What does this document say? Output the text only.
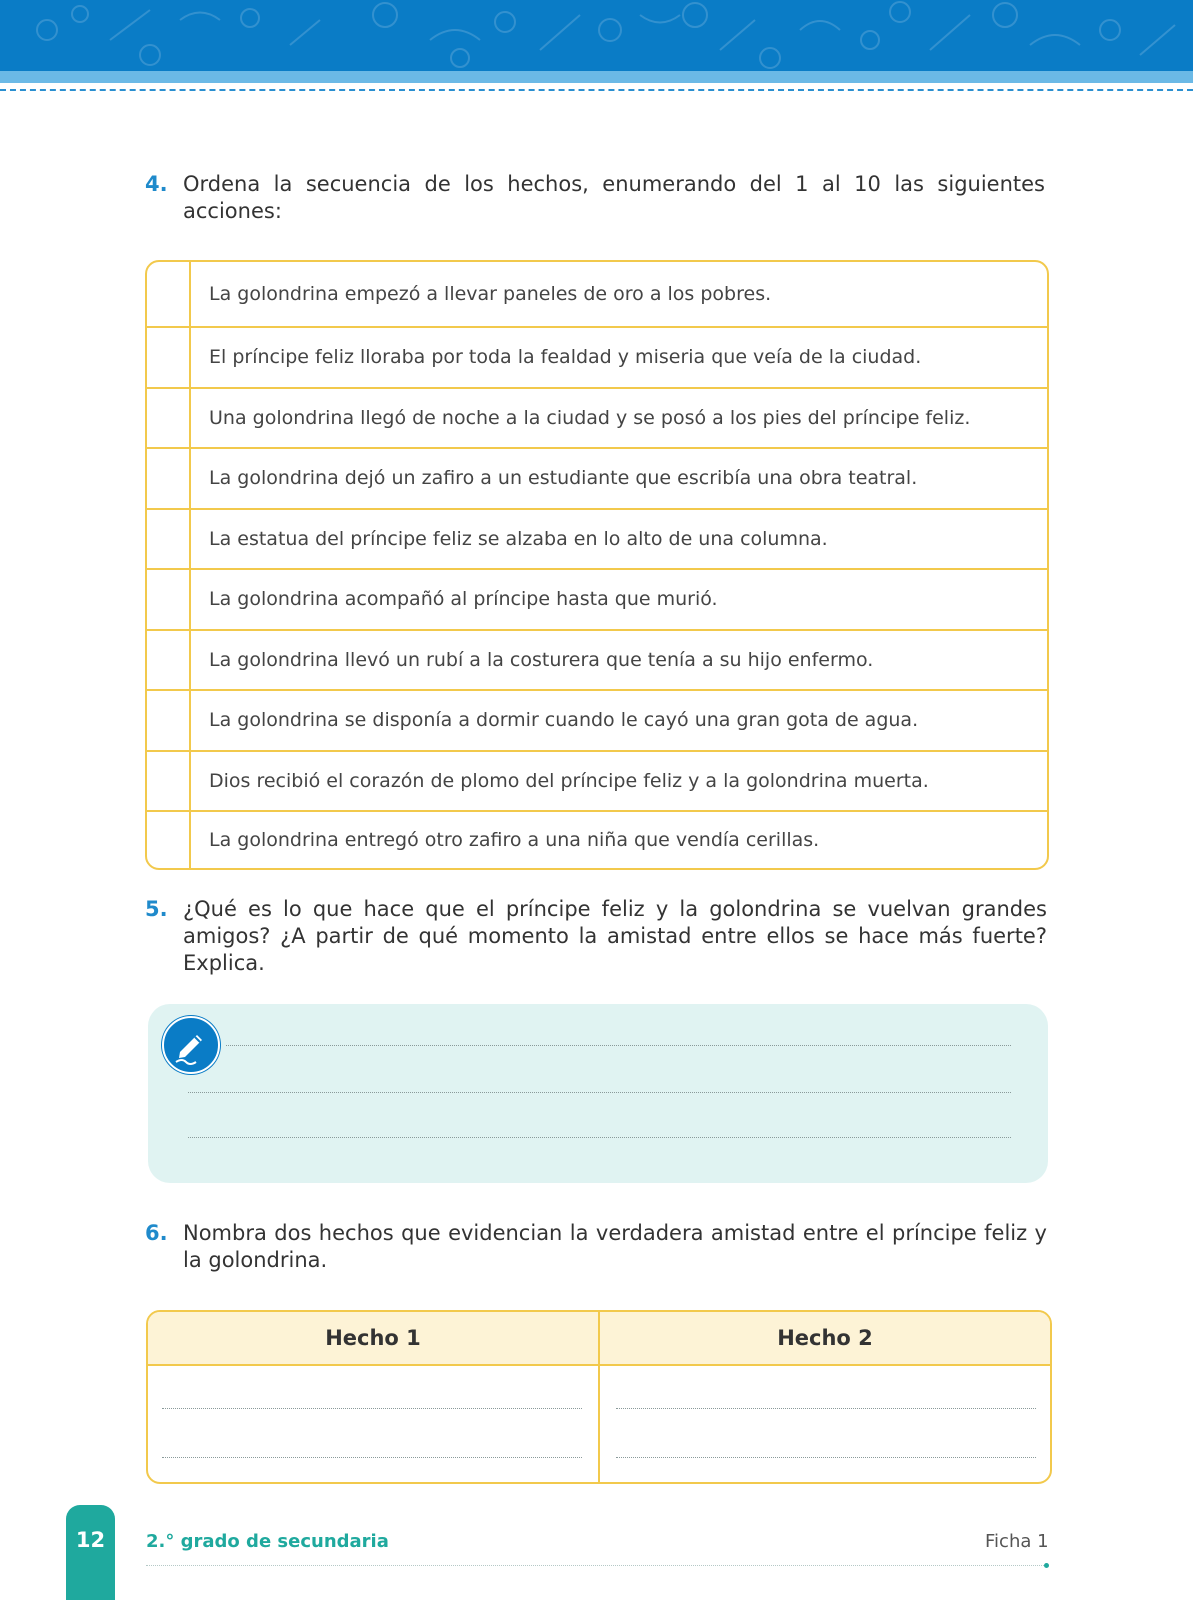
4. Ordena la secuencia de los hechos, enumerando del 1 al 10 las siguientes acciones:
La golondrina empezó a llevar paneles de oro a los pobres.
El príncipe feliz lloraba por toda la fealdad y miseria que veía de la ciudad.
Una golondrina llegó de noche a la ciudad y se posó a los pies del príncipe feliz.
La golondrina dejó un zafiro a un estudiante que escribía una obra teatral.
La estatua del príncipe feliz se alzaba en lo alto de una columna.
La golondrina acompañó al príncipe hasta que murió.
La golondrina llevó un rubí a la costurera que tenía a su hijo enfermo.
La golondrina se disponía a dormir cuando le cayó una gran gota de agua.
Dios recibió el corazón de plomo del príncipe feliz y a la golondrina muerta.
La golondrina entregó otro zafiro a una niña que vendía cerillas.
5. ¿Qué es lo que hace que el príncipe feliz y la golondrina se vuelvan grandes amigos? ¿A partir de qué momento la amistad entre ellos se hace más fuerte? Explica.
6. Nombra dos hechos que evidencian la verdadera amistad entre el príncipe feliz y la golondrina.
Hecho 1	Hecho 2
12	2.° grado de secundaria	Ficha 1
